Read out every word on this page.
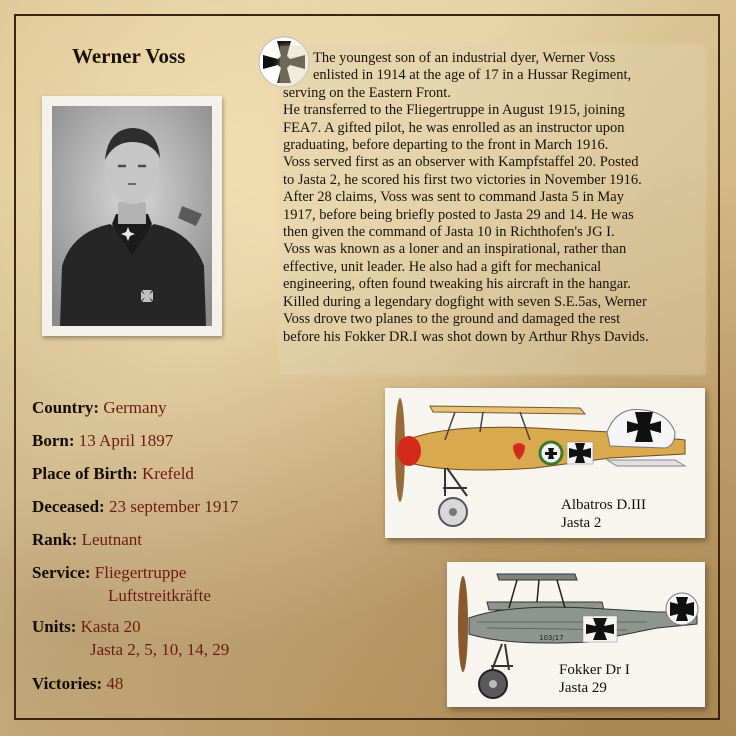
Werner Voss	The youngest son of an industrial dyer, Werner Voss

enlisted in 1914 at the age of 17 in a Hussar Regiment,

serving on the Eastern Front.

He transferred to the Fliegertruppe in August 1915, joining

FEA7. A gifted pilot, he was enrolled as an instructor upon

graduating, before departing to the front in March 1916.

Voss served first as an observer with Kampfstaffel 20. Posted

to Jasta 2, he scored his first two victories in November 1916.

After 28 claims, Voss was sent to command Jasta 5 in May

1917, before being briefly posted to Jasta 29 and 14. He was

then given the command of Jasta 10 in Richthofen's JG I.

Voss was known as a loner and an inspirational, rather than

effective, unit leader. He also had a gift for mechanical

engineering, often found tweaking his aircraft in the hangar.

Killed during a legendary dogfight with seven S.E.5as, Werner

Voss drove two planes to the ground and damaged the rest

before his Fokker DR.I was shot down by Arthur Rhys Davids.

Country: Germany
Born: 13 April 1897
Place of Birth: Krefeld
Deceased: 23 september 1917
Rank: Leutnant
Service: Fliegertruppe
Luftstreitkräfte
Units: Kasta 20
Jasta 2, 5, 10, 14, 29
Victories: 48
Albatros D.III
Jasta 2
103/17
Fokker Dr I
Jasta 29
